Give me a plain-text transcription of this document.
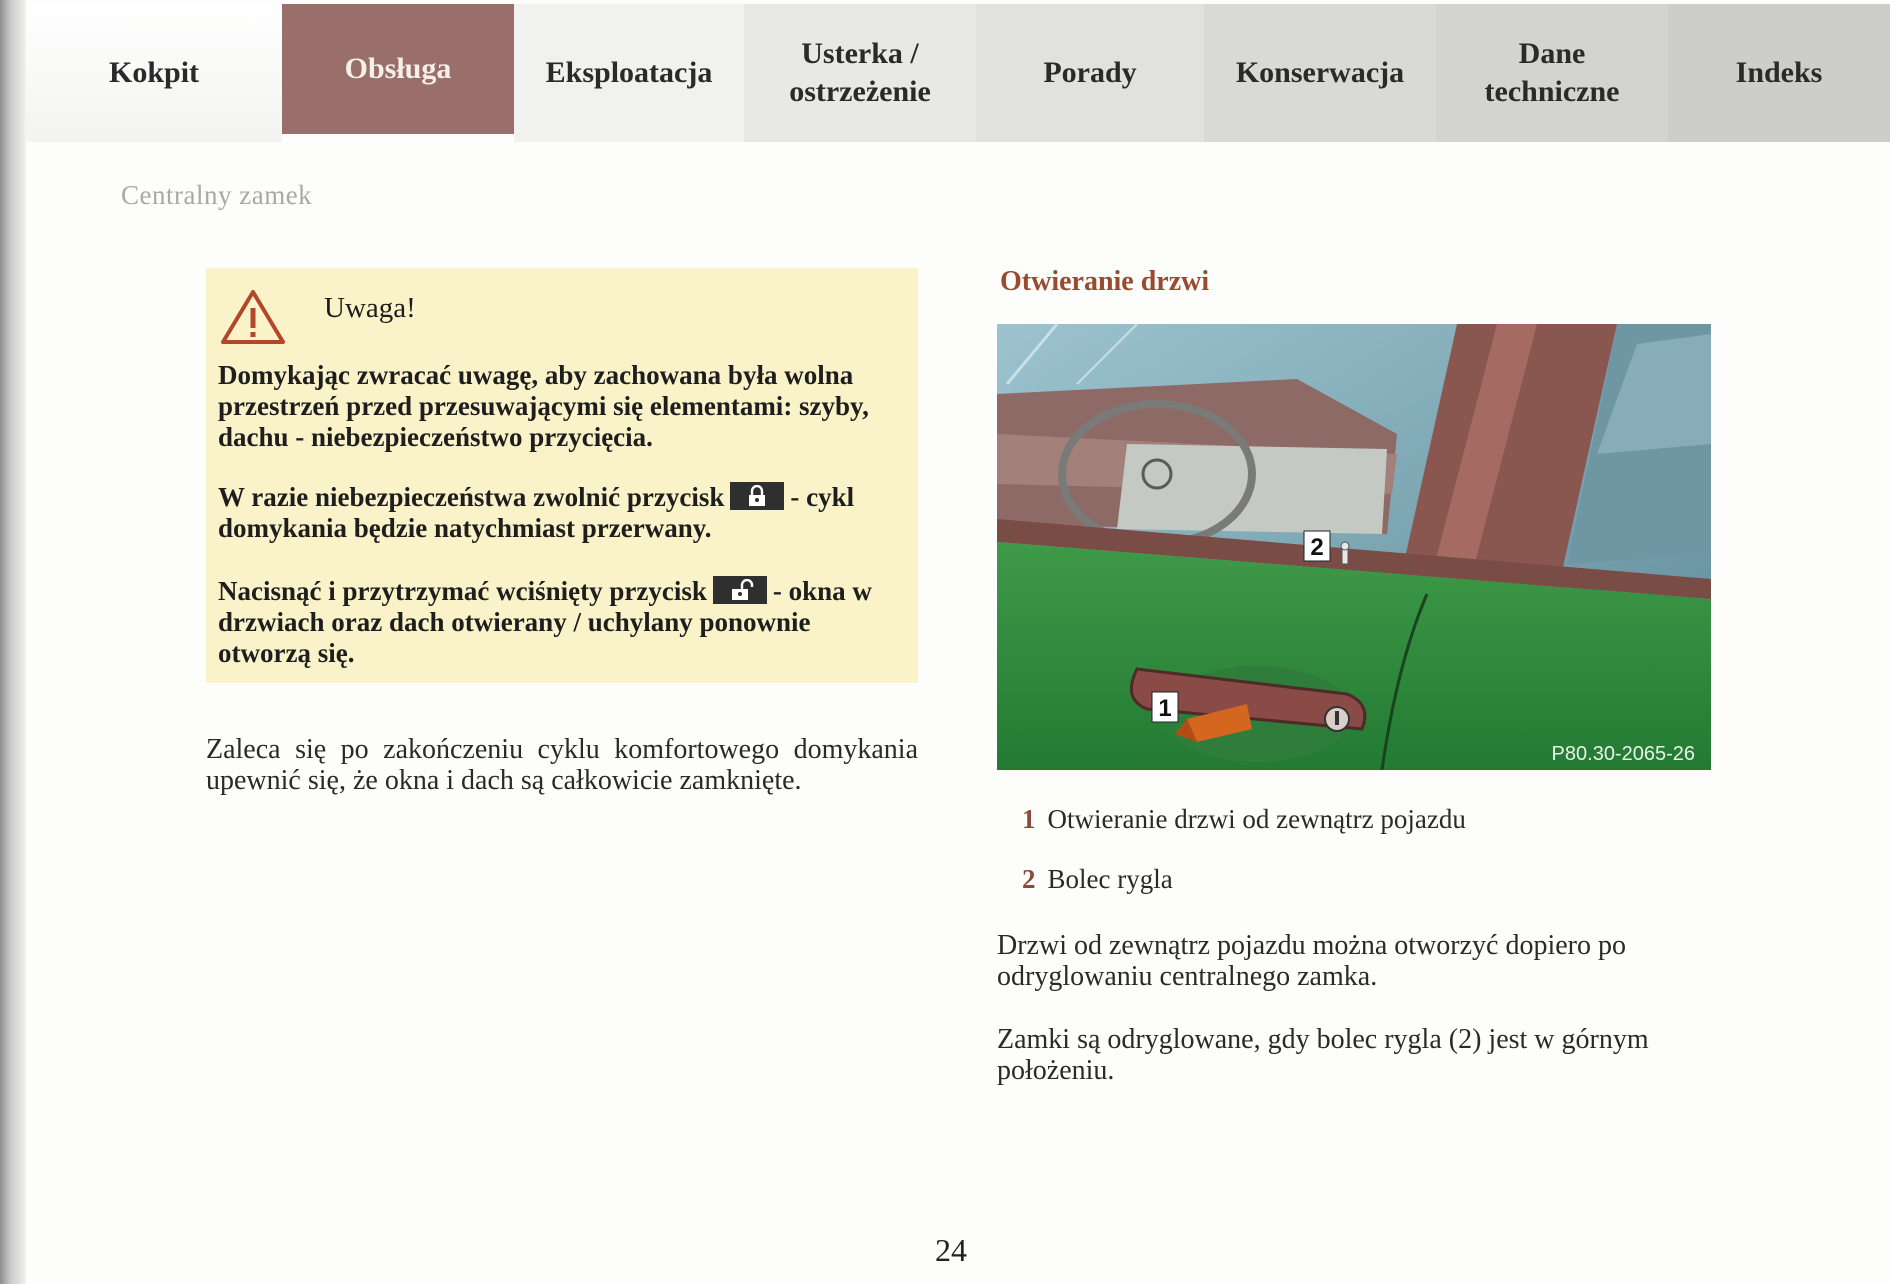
Kokpit	Obsługa	Eksploatacja
Usterka /
ostrzeżenie
Porady	Konserwacja
Dane
techniczne
Indeks
Centralny zamek
Uwaga!
Domykając zwracać uwagę, aby zachowana była wolna przestrzeń przed przesuwającymi się elementami: szyby, dachu - niebezpieczeństwo przycięcia.
W razie niebezpieczeństwa zwolnić przycisk - cykl domykania będzie natychmiast przerwany.
Nacisnąć i przytrzymać wciśnięty przycisk - okna w drzwiach oraz dach otwierany / uchylany ponownie otworzą się.
Zaleca się po zakończeniu cyklu komfortowego domykania upewnić się, że okna i dach są całkowicie zamknięte.
Otwieranie drzwi
1
2
P80.30-2065-26
1 Otwieranie drzwi od zewnątrz pojazdu
2 Bolec rygla
Drzwi od zewnątrz pojazdu można otworzyć dopiero po odryglowaniu centralnego zamka.
Zamki są odryglowane, gdy bolec rygla (2) jest w górnym położeniu.
24
